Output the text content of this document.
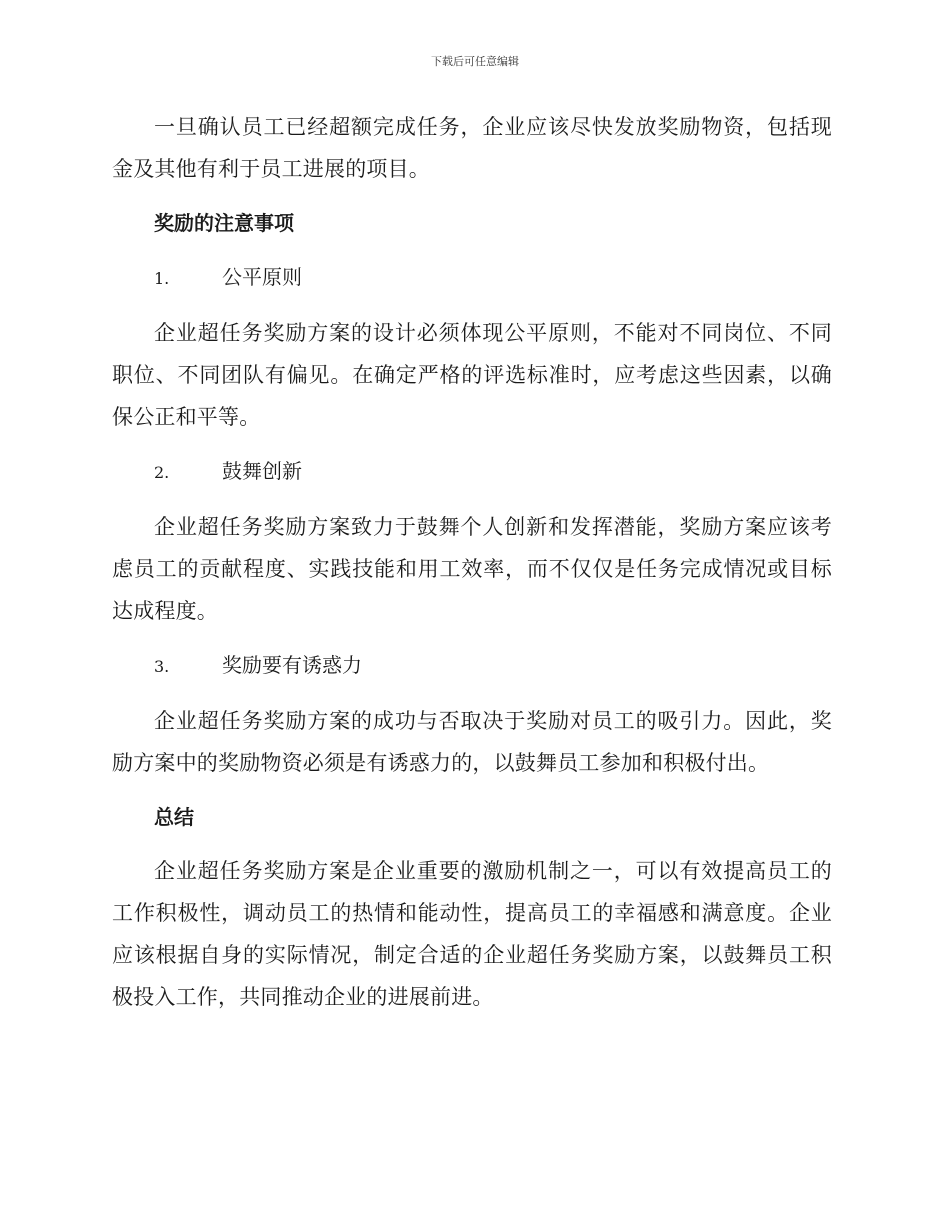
下载后可任意编辑

一旦确认员工已经超额完成任务，企业应该尽快发放奖励物资，包括现金及其他有利于员工进展的项目。

奖励的注意事项
1.	公平原则

企业超任务奖励方案的设计必须体现公平原则，不能对不同岗位、不同职位、不同团队有偏见。在确定严格的评选标准时，应考虑这些因素，以确保公正和平等。

2.	鼓舞创新

企业超任务奖励方案致力于鼓舞个人创新和发挥潜能，奖励方案应该考虑员工的贡献程度、实践技能和用工效率，而不仅仅是任务完成情况或目标达成程度。

3.	奖励要有诱惑力

企业超任务奖励方案的成功与否取决于奖励对员工的吸引力。因此，奖励方案中的奖励物资必须是有诱惑力的，以鼓舞员工参加和积极付出。

总结

企业超任务奖励方案是企业重要的激励机制之一，可以有效提高员工的工作积极性，调动员工的热情和能动性，提高员工的幸福感和满意度。企业应该根据自身的实际情况，制定合适的企业超任务奖励方案，以鼓舞员工积极投入工作，共同推动企业的进展前进。
